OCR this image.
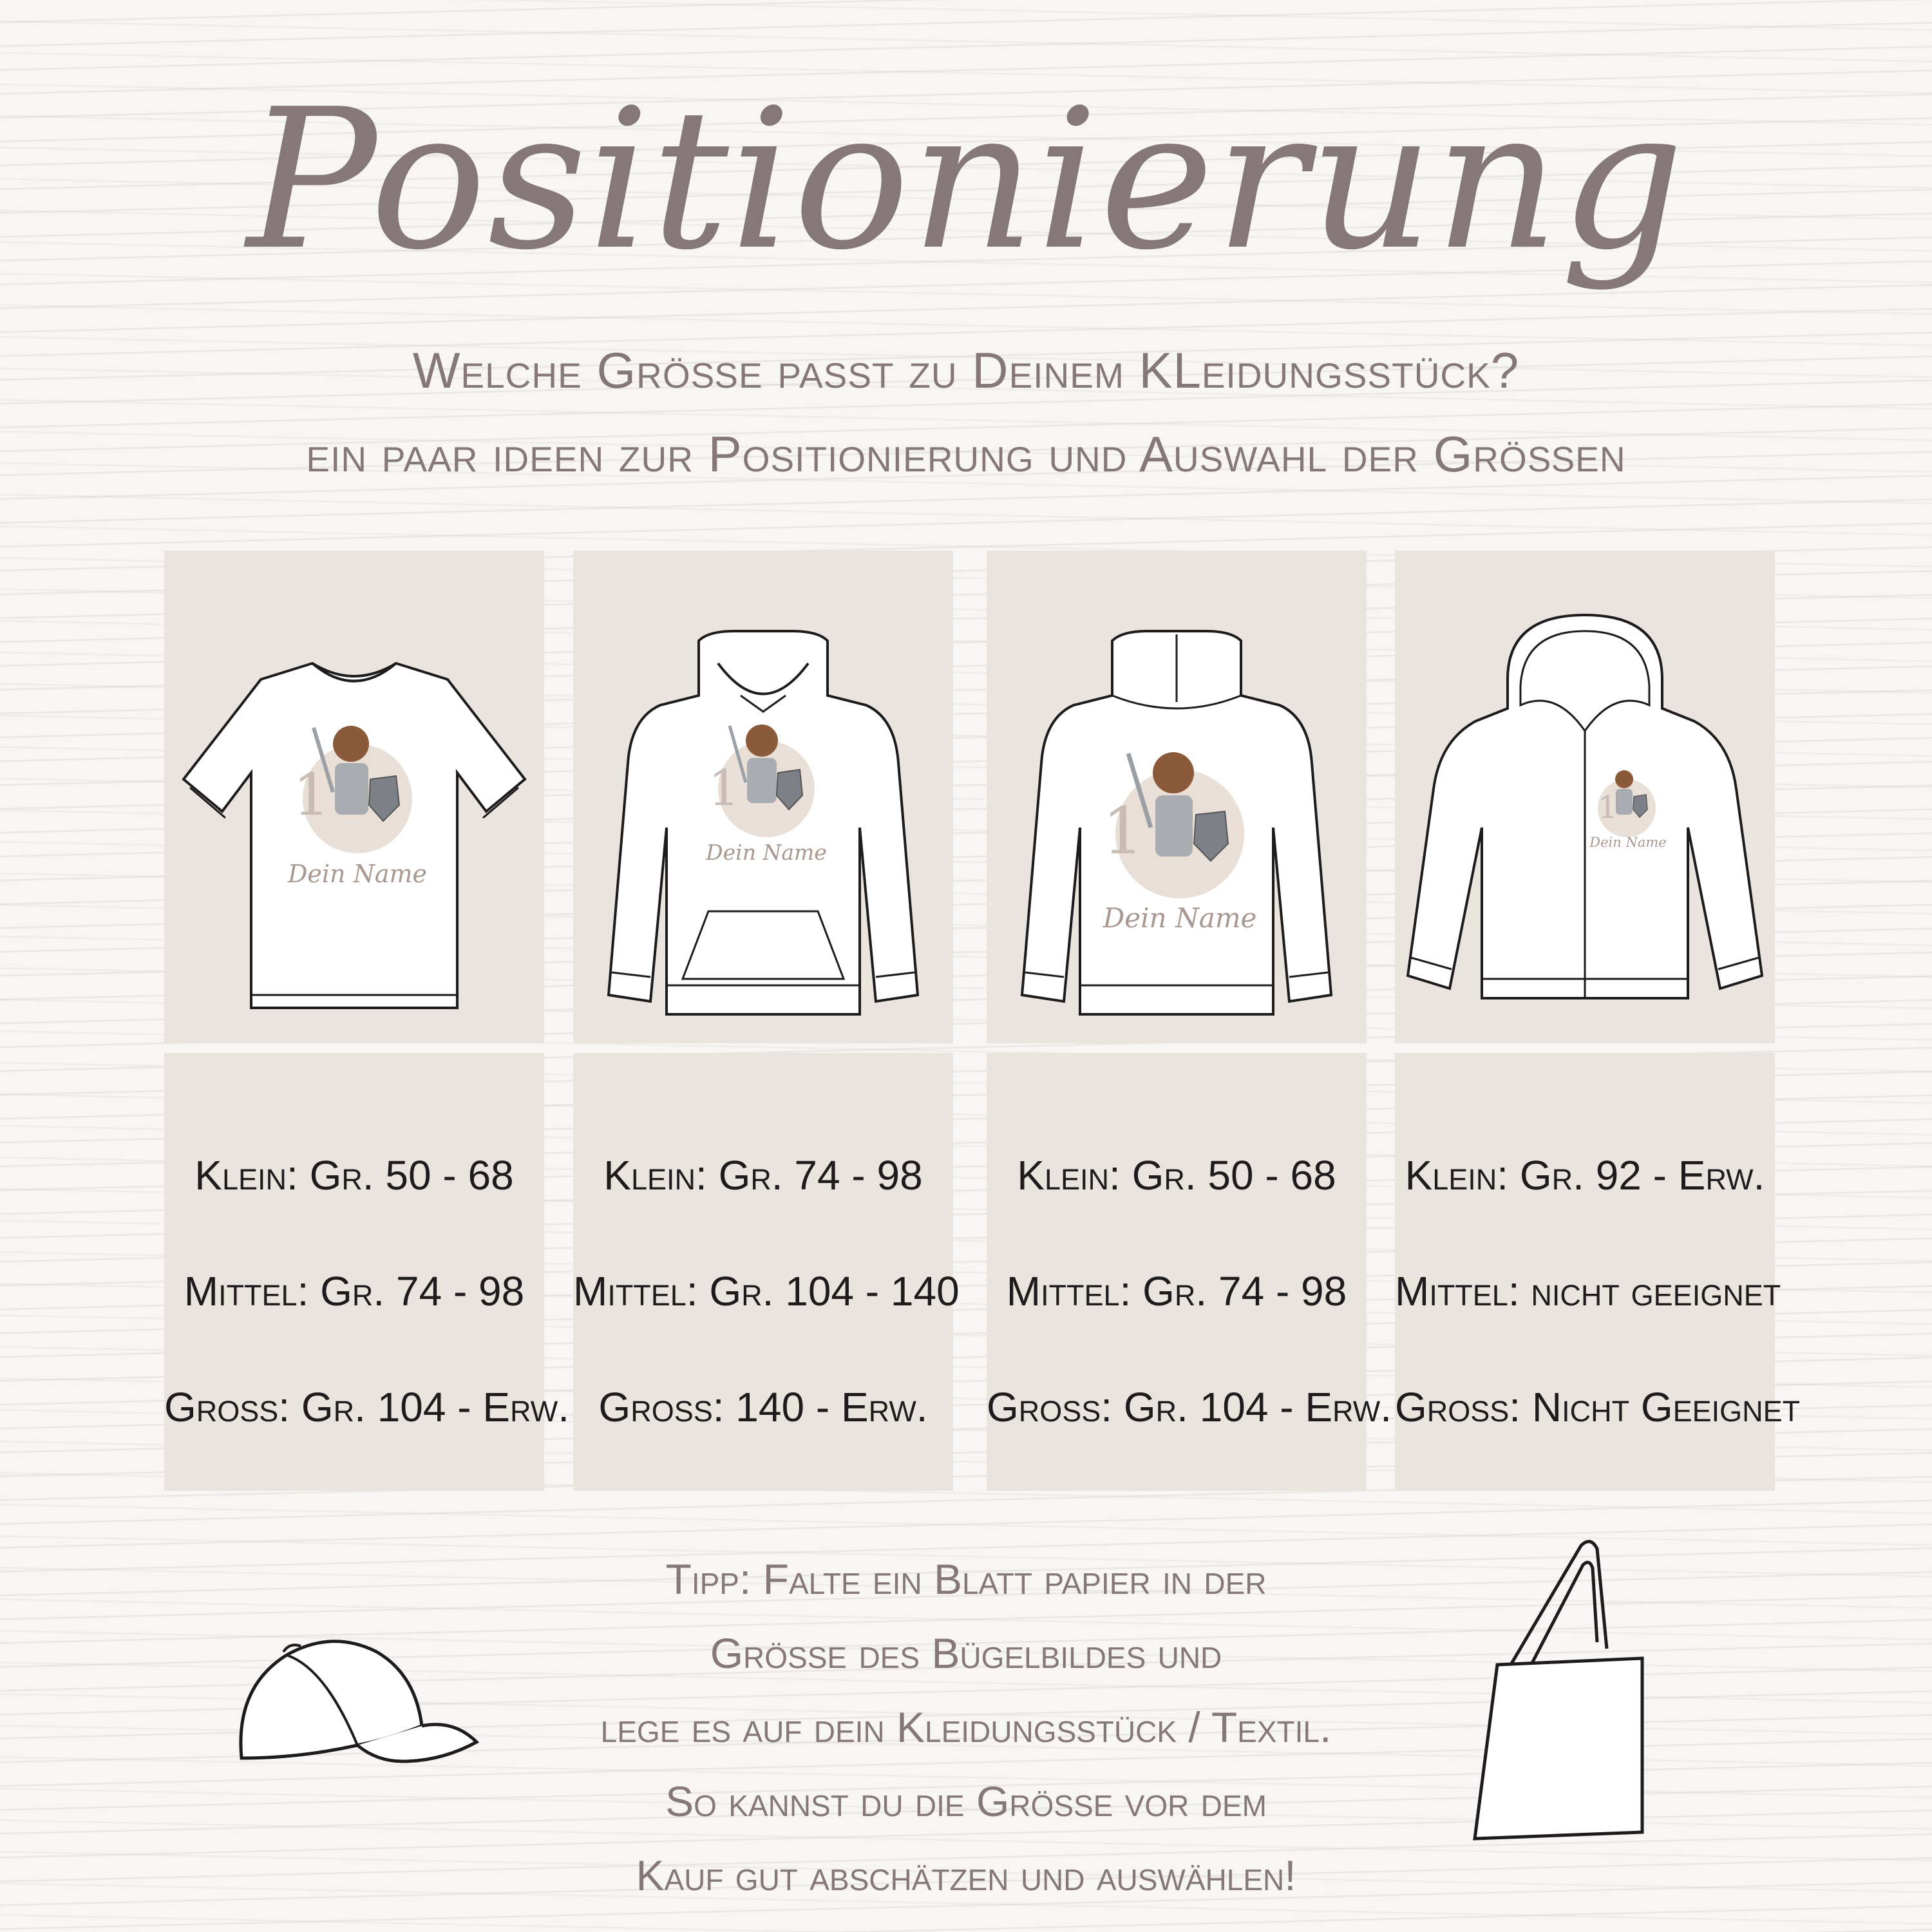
Positionierung
Welche Größe passt zu Deinem KLeidungsstück?
ein paar ideen zur Positionierung und Auswahl der Größen
1
Dein Name
1
Dein Name	1
Dein Name
1
Dein Name
Klein: Gr. 50 - 68
Mittel: Gr. 74 - 98
Groß: Gr. 104 - Erw.
Klein: Gr. 74 - 98
Mittel: Gr. 104 - 140
Groß: 140 - Erw.
Klein: Gr. 50 - 68
Mittel: Gr. 74 - 98
Groß: Gr. 104 - Erw.
Klein: Gr. 92 - Erw.
Mittel: nicht geeignet
Groß: Nicht Geeignet
Tipp: Falte ein Blatt papier in der
Größe des Bügelbildes und
lege es auf dein Kleidungsstück / Textil.
So kannst du die Größe vor dem
Kauf gut abschätzen und auswählen!
